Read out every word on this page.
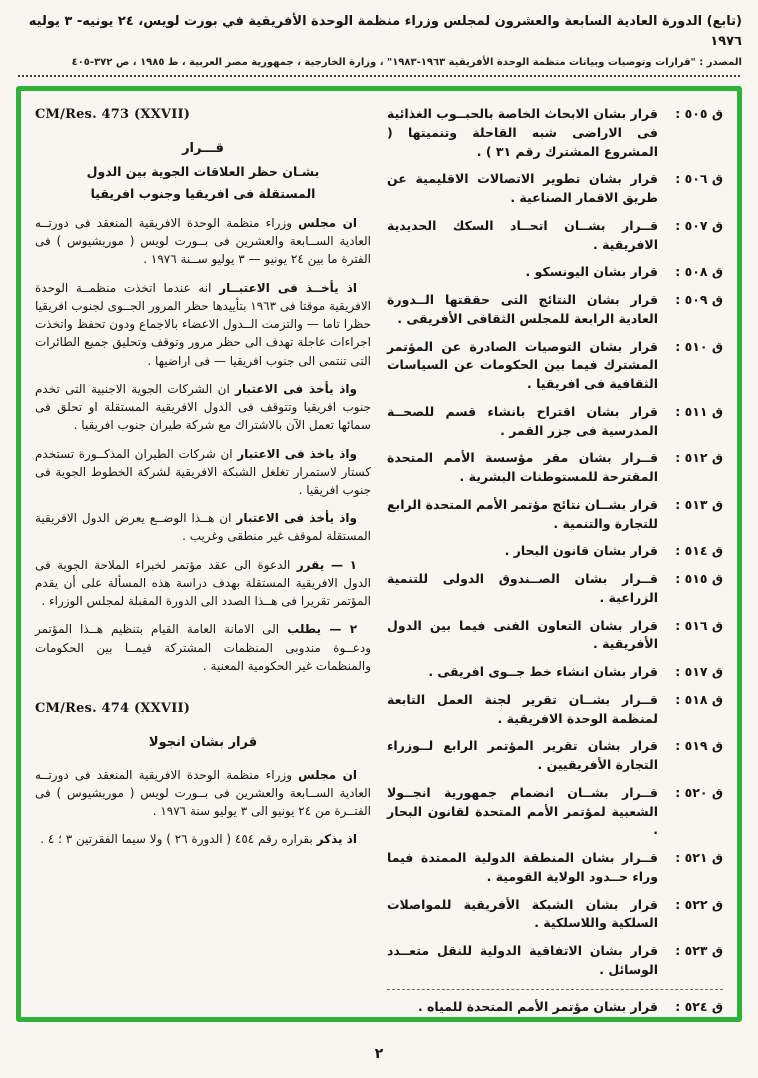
(تابع) الدورة العادية السابعة والعشرون لمجلس وزراء منظمة الوحدة الأفريقية في بورت لويس، ٢٤ يونيه- ٣ يوليه ١٩٧٦
المصدر : "قرارات وتوصيات وبيانات منظمة الوحدة الأفريقية ١٩٦٣-١٩٨٣" ، وزارة الخارجية ، جمهورية مصر العربية ، ط ١٩٨٥ ، ص ٣٧٢-٤٠٥
ق ٥٠٥ :
قرار بشان الابحاث الخاصة بالحبــوب الغذائية فى الاراضى شبه القاحلة وتنميتها ( المشروع المشترك رقم ٣١ ) .
ق ٥٠٦ :
قرار بشان تطوير الاتصالات الاقليمية عن طريق الاقمار الصناعية .
ق ٥٠٧ :
قــرار بشــان اتحــاد السكك الحديدية الافريقية .
ق ٥٠٨ :
قرار بشان اليونسكو .
ق ٥٠٩ :
قرار بشان النتائج التى حققتها الــدورة العادية الرابعة للمجلس الثقافى الأفريقى .
ق ٥١٠ :
قرار بشان التوصيات الصادرة عن المؤتمر المشترك فيما بين الحكومات عن السياسات الثقافية فى افريقيا .
ق ٥١١ :
قرار بشان اقتراح بانشاء قسم للصحــة المدرسية فى جزر القمر .
ق ٥١٢ :
قــرار بشان مقر مؤسسة الأمم المتحدة المقترحة للمستوطنات البشرية .
ق ٥١٣ :
قرار بشــان نتائج مؤتمر الأمم المتحدة الرابع للتجارة والتنمية .
ق ٥١٤ :
قرار بشان قانون البحار .
ق ٥١٥ :
قــرار بشان الصــندوق الدولى للتنمية الزراعية .
ق ٥١٦ :
قرار بشان التعاون الفنى فيما بين الدول الأفريقية .
ق ٥١٧ :
قرار بشان انشاء خط جــوى افريقى .
ق ٥١٨ :
قــرار بشــان تقرير لجنة العمل التابعة لمنظمة الوحدة الافريقية .
ق ٥١٩ :
قرار بشان تقرير المؤتمر الرابع لــوزراء التجارة الأفريقيين .
ق ٥٢٠ :
قــرار بشــان انضمام جمهورية انجــولا الشعبية لمؤتمر الأمم المتحدة لقانون البحار .
ق ٥٢١ :
قــرار بشان المنطقة الدولية الممتدة فيما وراء حــدود الولاية القومية .
ق ٥٢٢ :
قرار بشان الشبكة الأفريقية للمواصلات السلكية واللاسلكية .
ق ٥٢٣ :
قرار بشان الاتفاقية الدولية للنقل متعــدد الوسائل .
ق ٥٢٤ :
قرار بشان مؤتمر الأمم المتحدة للمياه .
CM/Res. 473 (XXVII)
قـــرار
بشـان حظر العلاقات الجوية بين الدول
المستقلة فى افريقيا وجنوب افريقيا

ان مجلس وزراء منظمة الوحدة الافريقية المنعقد فى دورتــه العادية الســابعة والعشرين فى بــورت لويس ( موريشيوس ) فى الفترة ما بين ٢٤ يونيو — ٣ يوليو ســنة ١٩٧٦ .

اذ يأخــذ فى الاعتبــار انه عندما اتخذت منظمــة الوحدة الافريقية موقتا فى ١٩٦٣ بتأييدها حظر المرور الجــوى لجنوب افريقيا حظرا تاما — والتزمت الــدول الاعضاء بالاجماع ودون تحفظ واتخذت اجراءات عاجلة تهدف الى حظر مرور وتوقف وتحليق جميع الطائرات التى تنتمى الى جنوب افريقيا — فى اراضيها .

واذ يأخذ فى الاعتبار ان الشركات الجوية الاجنبية التى تخدم جنوب افريقيا وتتوقف فى الدول الافريقية المستقلة او تحلق فى سمائها تعمل الآن بالاشتراك مع شركة طيران جنوب افريقيا .

واذ ياخذ فى الاعتبار ان شركات الطيران المذكــورة تستخدم كستار لاستمرار تغلغل الشبكة الافريقية لشركة الخطوط الجوية فى جنوب افريقيا .

واذ يأخذ فى الاعتبار ان هــذا الوضــع يعرض الدول الافريقية المستقلة لموقف غير منطقى وغريب .

١ — يقرر الدعوة الى عقد مؤتمر لخبراء الملاحة الجوية فى الدول الافريقية المستقلة بهدف دراسة هذه المسألة على أن يقدم المؤتمر تقريرا فى هــذا الصدد الى الدورة المقبلة لمجلس الوزراء .

٢ — يطلب الى الامانة العامة القيام بتنظيم هــذا المؤتمر ودعــوة مندوبى المنظمات المشتركة فيمــا بين الحكومات والمنظمات غير الحكومية المعنية .

CM/Res. 474 (XXVII)
قرار بشان انجولا

ان مجلس وزراء منظمة الوحدة الافريقية المنعقد فى دورتــه العادية الســابعة والعشرين فى بــورت لويس ( موريشيوس ) فى الفتــرة من ٢٤ يونيو الى ٣ يوليو سنة ١٩٧٦ .

اذ يذكر بقراره رقم ٤٥٤ ( الدورة ٢٦ ) ولا سيما الفقرتين ٣ ؛ ٤ .

٢
